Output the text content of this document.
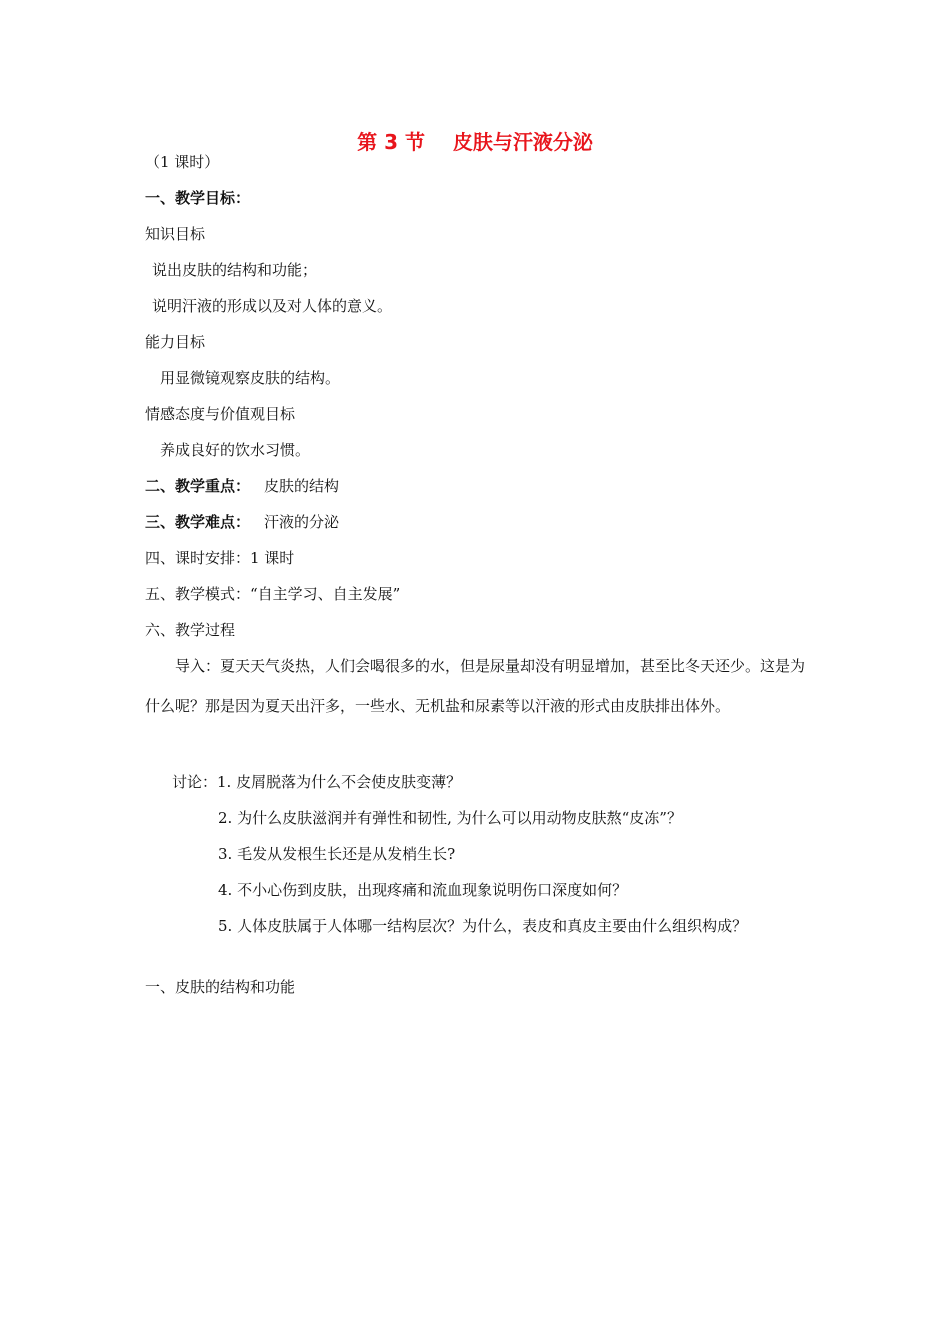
第 3 节    皮肤与汗液分泌
（1 课时）
一、教学目标：
知识目标
说出皮肤的结构和功能；
说明汗液的形成以及对人体的意义。
能力目标
用显微镜观察皮肤的结构。
情感态度与价值观目标
养成良好的饮水习惯。
二、教学重点： 皮肤的结构
三、教学难点： 汗液的分泌
四、课时安排：1 课时
五、教学模式：“自主学习、自主发展”
六、教学过程
导入：夏天天气炎热，人们会喝很多的水，但是尿量却没有明显增加，甚至比冬天还少。这是为什么呢？那是因为夏天出汗多，一些水、无机盐和尿素等以汗液的形式由皮肤排出体外。
讨论：1. 皮屑脱落为什么不会使皮肤变薄？
2. 为什么皮肤滋润并有弹性和韧性, 为什么可以用动物皮肤熬“皮冻”？
3. 毛发从发根生长还是从发梢生长?
4. 不小心伤到皮肤，出现疼痛和流血现象说明伤口深度如何？
5. 人体皮肤属于人体哪一结构层次？为什么，表皮和真皮主要由什么组织构成？
一、皮肤的结构和功能
